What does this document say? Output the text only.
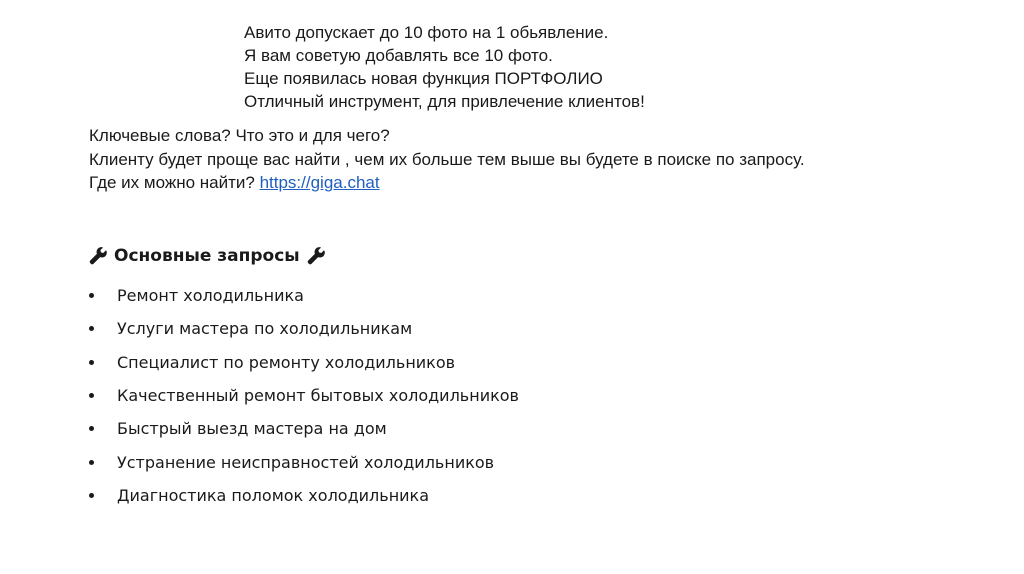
Авито допускает до 10 фото на 1 обьявление.
Я вам советую добавлять все 10 фото.
Еще появилась новая функция ПОРТФОЛИО
Отличный инструмент, для привлечение клиентов!
Ключевые слова? Что это и для чего?
Клиенту будет проще вас найти , чем их больше тем выше вы будете в поиске по запросу.
Где их можно найти? https://giga.chat
Основные запросы
Ремонт холодильника
Услуги мастера по холодильникам
Специалист по ремонту холодильников
Качественный ремонт бытовых холодильников
Быстрый выезд мастера на дом
Устранение неисправностей холодильников
Диагностика поломок холодильника
